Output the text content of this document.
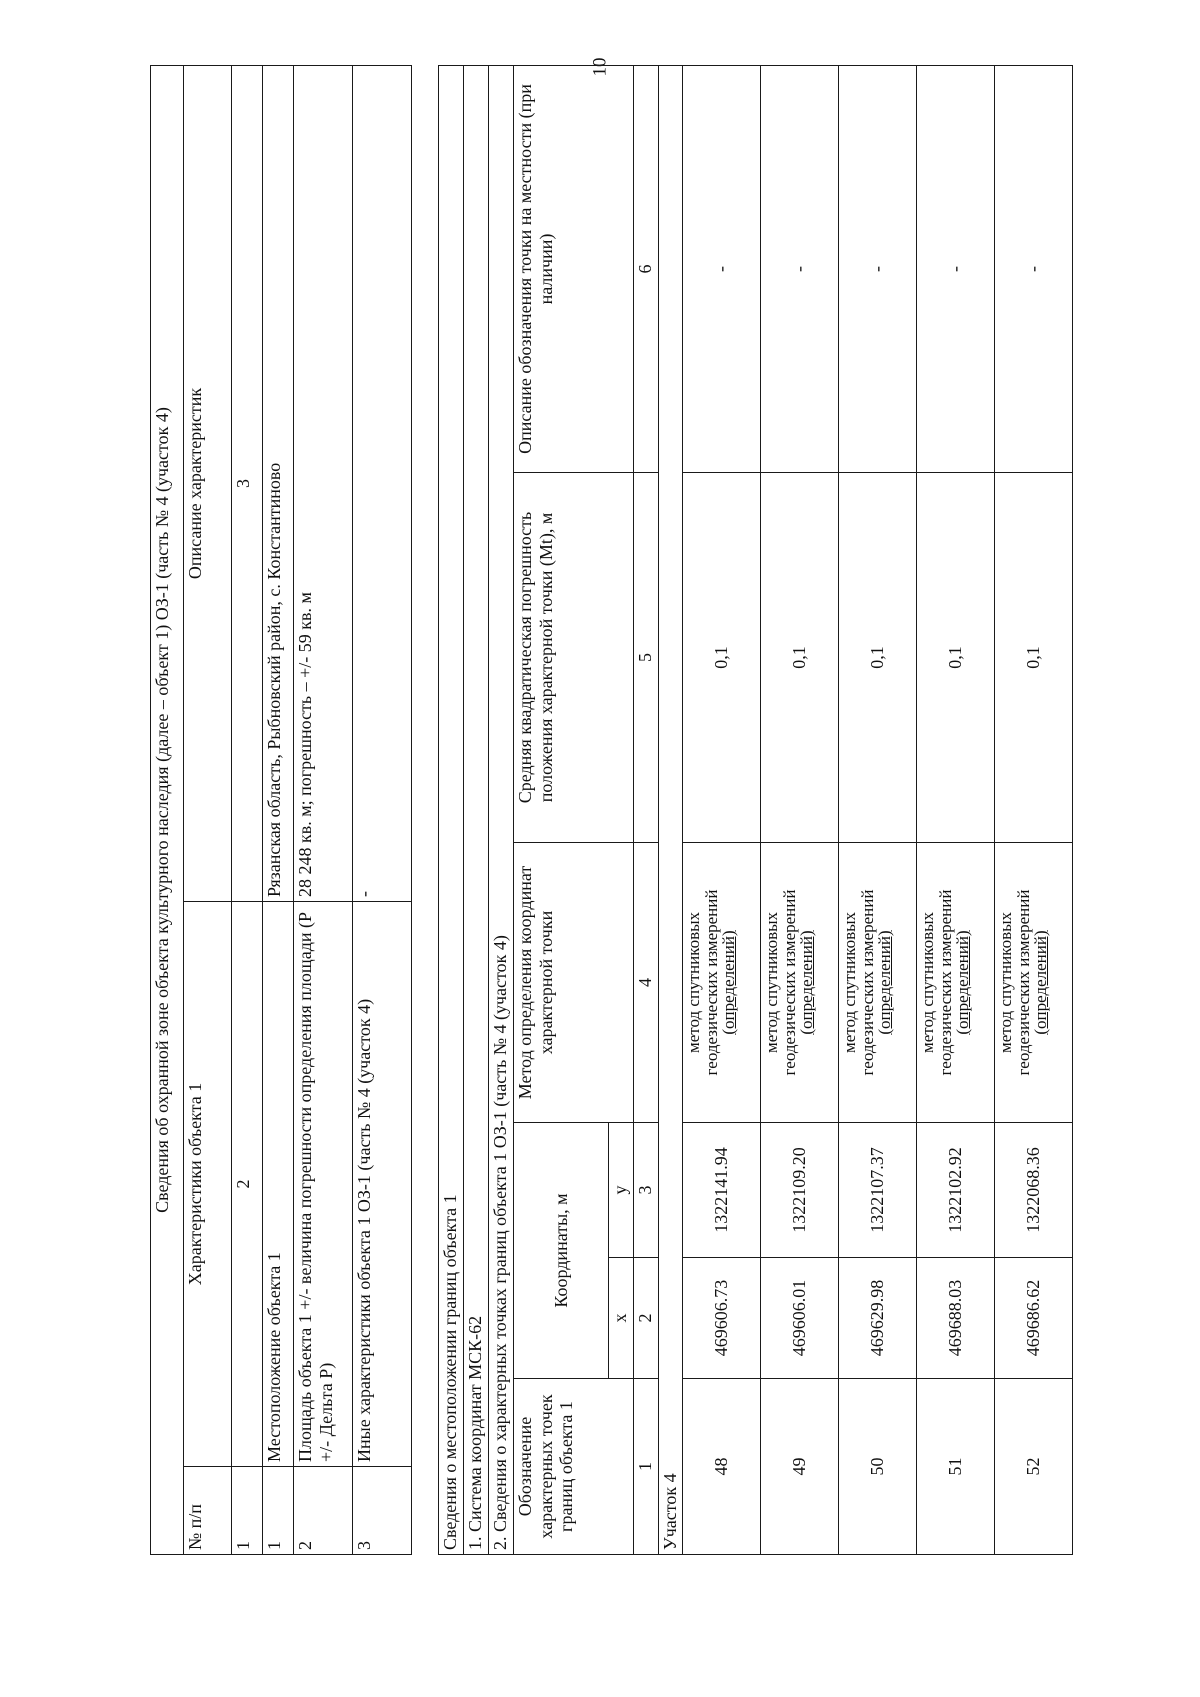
10
Сведения об охранной зоне объекта культурного наследия (далее – объект 1) ОЗ-1 (часть № 4 (участок 4)		
№ п/п	Характеристики объекта 1	Описание характеристик
1	2	3
1	Местоположение объекта 1	Рязанская область, Рыбновский район, с. Константиново
2	Площадь объекта 1 +/- величина погрешности определения площади (Р +/- Дельта Р)	28 248 кв. м; погрешность – +/- 59 кв. м
3	Иные характеристики объекта 1 ОЗ-1 (часть № 4 (участок 4)	-
Сведения о местоположении границ объекта 1					
1. Система координат МСК-62					
2. Сведения о характерных точках границ объекта 1 ОЗ-1 (часть № 4 (участок 4)					
Обозначение характерных точек границ объекта 1	Координаты, м		Метод определения координат характерной точки	Средняя квадратическая погрешность положения характерной точки (Mt), м	Описание обозначения точки на местности (при наличии)
	x	y			
1	2	3	4	5	6
Участок 4					
48	469606.73	1322141.94	метод спутниковых
геодезических измерений
(определений)	0,1	-
49	469606.01	1322109.20	метод спутниковых
геодезических измерений
(определений)	0,1	-
50	469629.98	1322107.37	метод спутниковых
геодезических измерений
(определений)	0,1	-
51	469688.03	1322102.92	метод спутниковых
геодезических измерений
(определений)	0,1	-
52	469686.62	1322068.36	метод спутниковых
геодезических измерений
(определений)	0,1	-
